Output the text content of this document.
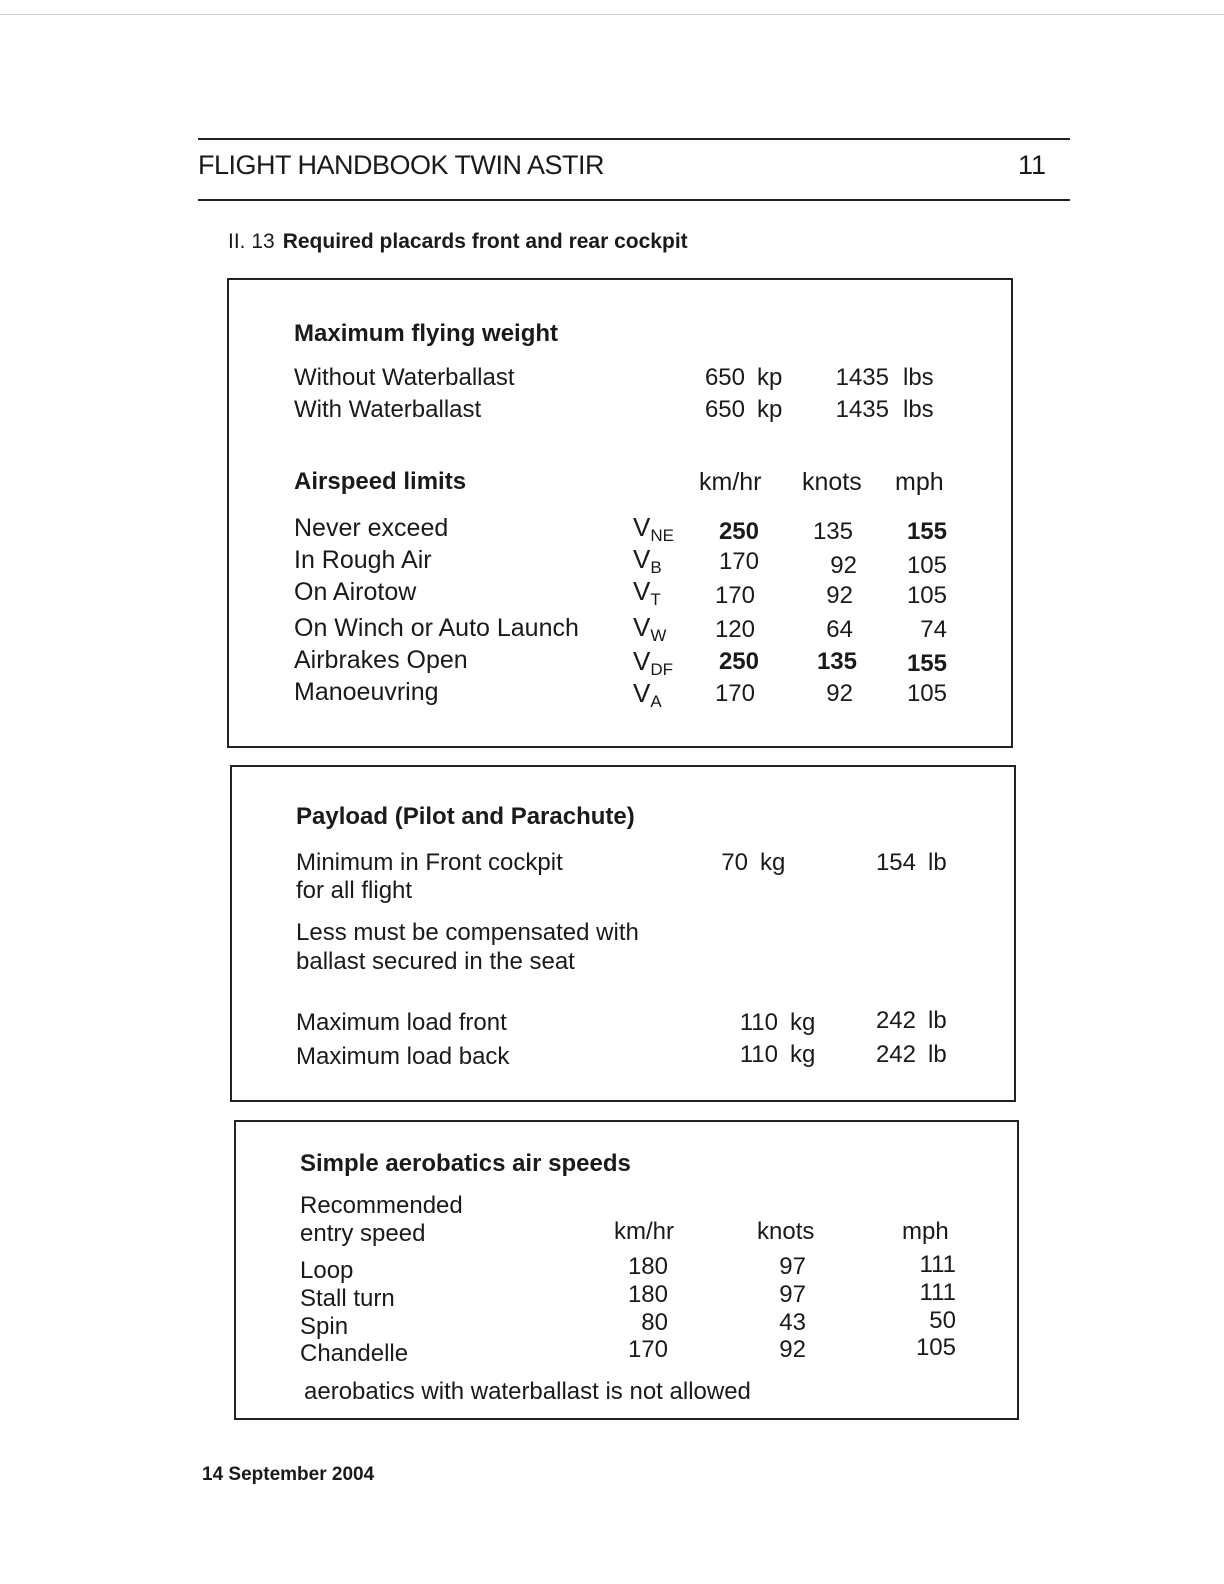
FLIGHT HANDBOOK TWIN ASTIR	11
II. 13 Required placards front and rear cockpit
Maximum flying weight
Without Waterballast	650 kp	1435 lbs
With Waterballast	650 kp	1435 lbs
Airspeed limits	km/hr knots mph
Never exceed	$V_{NE}$	250	135	155
In Rough Air	$V_B$	170	92	105
On Airotow	$V_T$	170	92	105
On Winch or Auto Launch $V_W$	120	64	74
Airbrakes Open	$V_{DF}$	250	135	155
Manoeuvring	$V_A$	170	92	105
Payload (Pilot and Parachute)
Minimum in Front cockpit
for all flight
70 kg	154 lb
Less must be compensated with
ballast secured in the seat
Maximum load front	110 kg	242 lb
Maximum load back	110 kg	242 lb
Simple aerobatics air speeds
Recommended
entry speed	km/hr	knots	mph
Loop	180	97	111
Stall turn	180	97	111
Spin	80	43	50
Chandelle	170	92	105
aerobatics with waterballast is not allowed
14 September 2004
